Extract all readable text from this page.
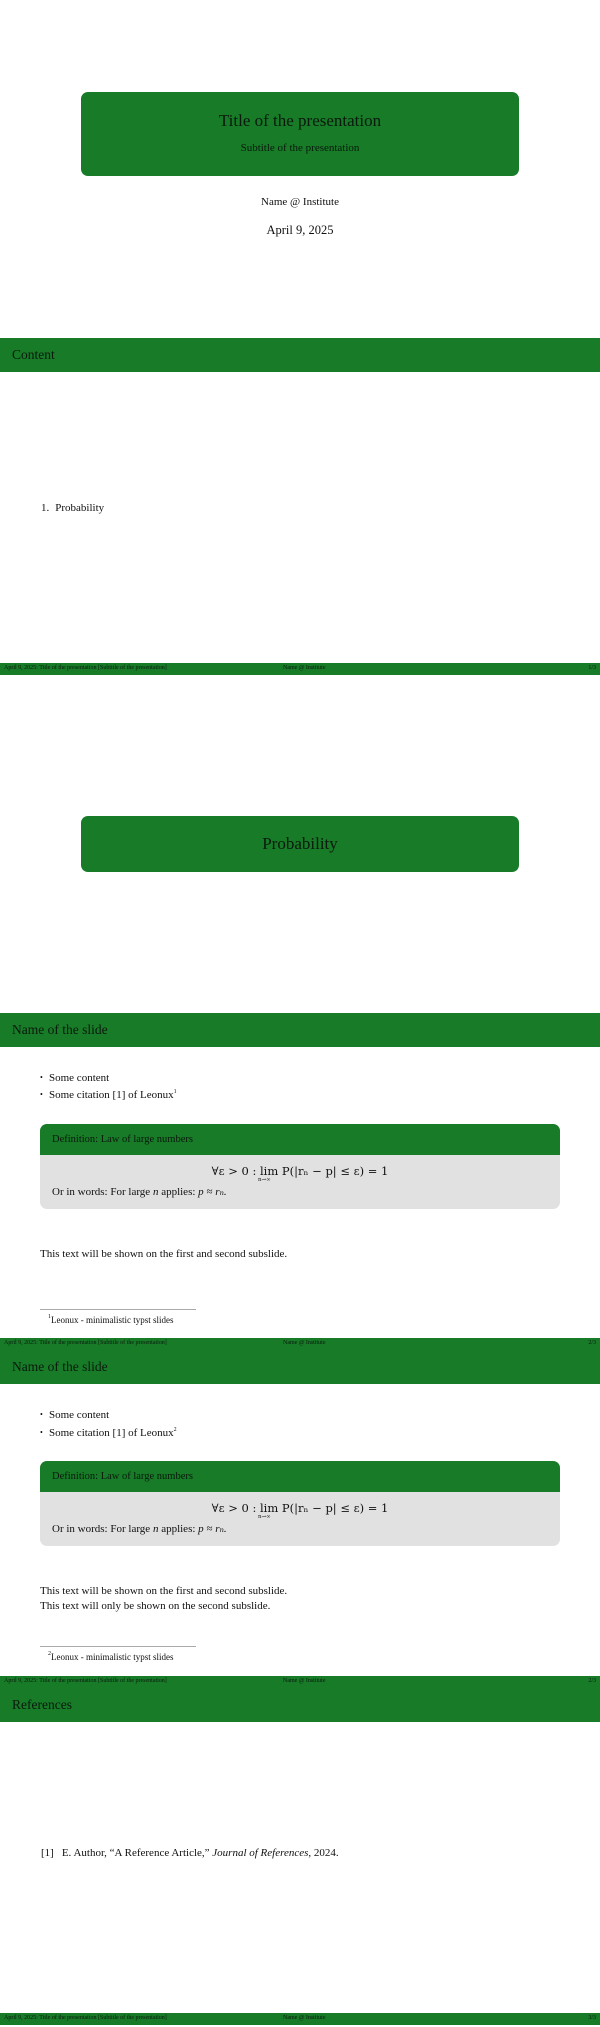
Title of the presentation
Subtitle of the presentation
Name @ Institute
April 9, 2025
Content
1. Probability
April 9, 2025: Title of the presentation [Subtitle of the presentation]	Name @ Institute	1/3
Probability
Name of the slide
• Some content
• Some citation [1] of Leonux$^1$
Definition: Law of large numbers
∀ε > 0 : lim
n→∞
P(|rₙ − p| ≤ ε) = 1
Or in words: For large n applies: p ≈ rₙ.
This text will be shown on the first and second subslide.
$^1$Leonux - minimalistic typst slides
April 9, 2025: Title of the presentation [Subtitle of the presentation]	Name @ Institute	2/3
Name of the slide
• Some content
• Some citation [1] of Leonux$^2$
Definition: Law of large numbers
∀ε > 0 : lim
n→∞
P(|rₙ − p| ≤ ε) = 1
Or in words: For large n applies: p ≈ rₙ.
This text will be shown on the first and second subslide.
This text will only be shown on the second subslide.
$^2$Leonux - minimalistic typst slides
April 9, 2025: Title of the presentation [Subtitle of the presentation]	Name @ Institute	2/3
References
[1] E. Author, “A Reference Article,” Journal of References, 2024.
April 9, 2025: Title of the presentation [Subtitle of the presentation]	Name @ Institute	3/3
